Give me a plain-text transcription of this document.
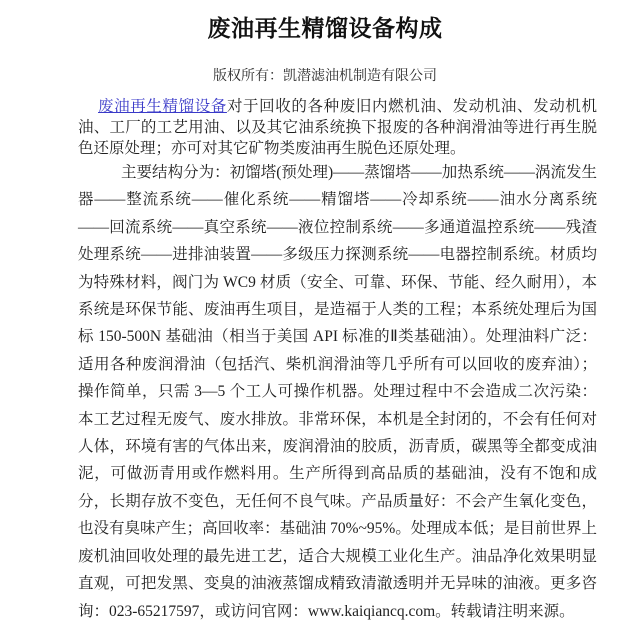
废油再生精馏设备构成

版权所有：凯潜滤油机制造有限公司

废油再生精馏设备对于回收的各种废旧内燃机油、发动机油、发动机机油、工厂的工艺用油、以及其它油系统换下报废的各种润滑油等进行再生脱色还原处理；亦可对其它矿物类废油再生脱色还原处理。

主要结构分为：初馏塔(预处理)——蒸馏塔——加热系统——涡流发生器——整流系统——催化系统——精馏塔——冷却系统——油水分离系统——回流系统——真空系统——液位控制系统——多通道温控系统——残渣处理系统——进排油装置——多级压力探测系统——电器控制系统。材质均为特殊材料，阀门为 WC9 材质（安全、可靠、环保、节能、经久耐用），本系统是环保节能、废油再生项目，是造福于人类的工程；本系统处理后为国标 150-500N 基础油（相当于美国 API 标准的Ⅱ类基础油）。处理油料广泛：适用各种废润滑油（包括汽、柴机润滑油等几乎所有可以回收的废弃油）；操作简单，只需 3—5 个工人可操作机器。处理过程中不会造成二次污染：本工艺过程无废气、废水排放。非常环保，本机是全封闭的，不会有任何对人体，环境有害的气体出来，废润滑油的胶质，沥青质，碳黑等全都变成油泥，可做沥青用或作燃料用。生产所得到高品质的基础油，没有不饱和成分，长期存放不变色，无任何不良气味。产品质量好：不会产生氧化变色，也没有臭味产生；高回收率：基础油 70%~95%。处理成本低；是目前世界上废机油回收处理的最先进工艺，适合大规模工业化生产。油品净化效果明显直观，可把发黑、变臭的油液蒸馏成精致清澈透明并无异味的油液。更多咨询：023-65217597，或访问官网：www.kaiqiancq.com。转载请注明来源。
